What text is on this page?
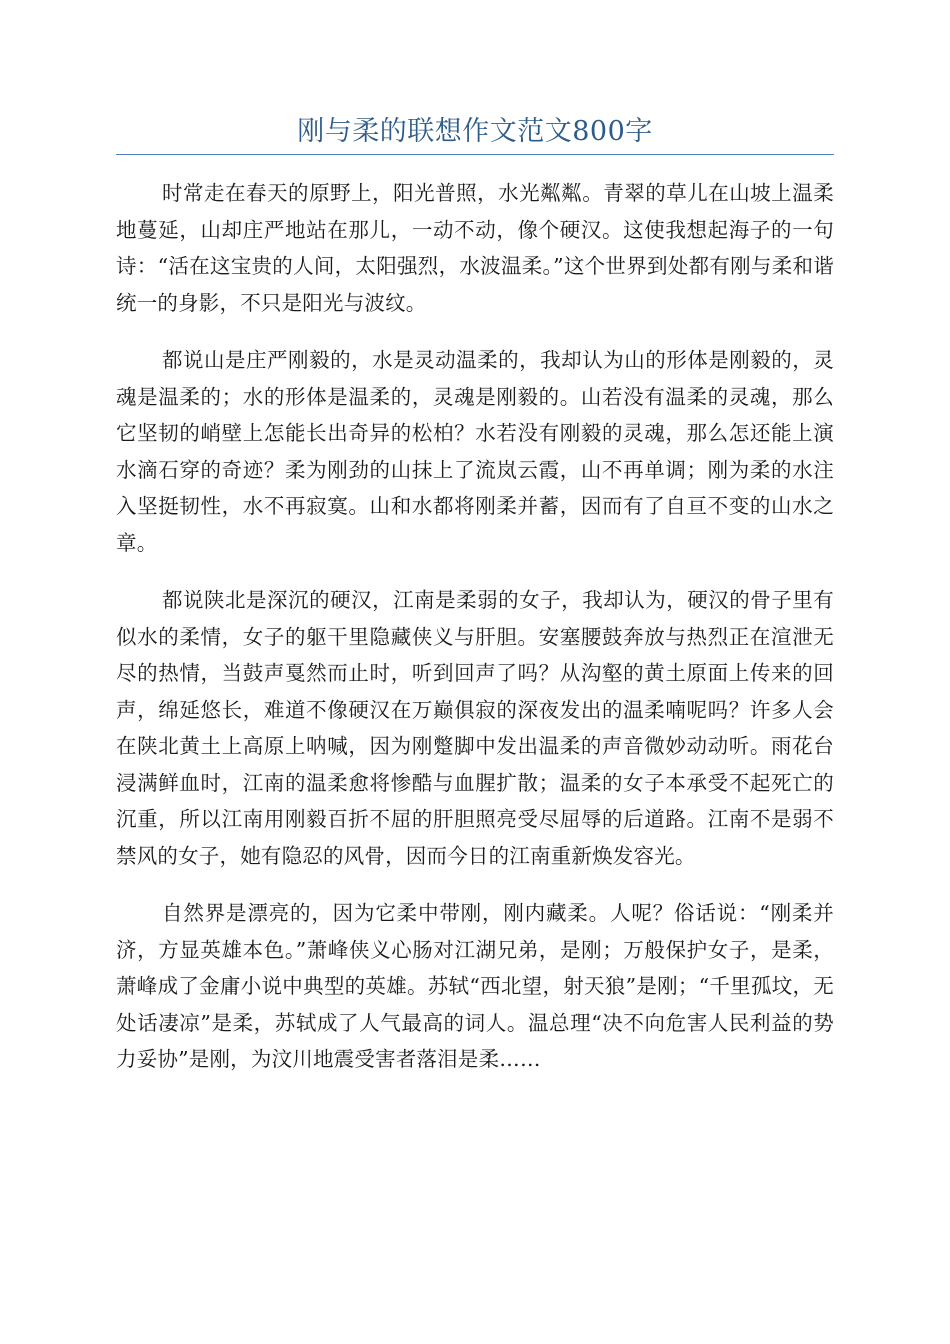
刚与柔的联想作文范文800字

时常走在春天的原野上，阳光普照，水光粼粼。青翠的草儿在山坡上温柔地蔓延，山却庄严地站在那儿，一动不动，像个硬汉。这使我想起海子的一句诗：“活在这宝贵的人间，太阳强烈，水波温柔。”这个世界到处都有刚与柔和谐统一的身影，不只是阳光与波纹。

都说山是庄严刚毅的，水是灵动温柔的，我却认为山的形体是刚毅的，灵魂是温柔的；水的形体是温柔的，灵魂是刚毅的。山若没有温柔的灵魂，那么它坚韧的峭壁上怎能长出奇异的松柏？水若没有刚毅的灵魂，那么怎还能上演水滴石穿的奇迹？柔为刚劲的山抹上了流岚云霞，山不再单调；刚为柔的水注入坚挺韧性，水不再寂寞。山和水都将刚柔并蓄，因而有了自亘不变的山水之章。

都说陕北是深沉的硬汉，江南是柔弱的女子，我却认为，硬汉的骨子里有似水的柔情，女子的躯干里隐藏侠义与肝胆。安塞腰鼓奔放与热烈正在渲泄无尽的热情，当鼓声戛然而止时，听到回声了吗？从沟壑的黄土原面上传来的回声，绵延悠长，难道不像硬汉在万巅俱寂的深夜发出的温柔喃呢吗？许多人会在陕北黄土上高原上呐喊，因为刚蹩脚中发出温柔的声音微妙动动听。雨花台浸满鲜血时，江南的温柔愈将惨酷与血腥扩散；温柔的女子本承受不起死亡的沉重，所以江南用刚毅百折不屈的肝胆照亮受尽屈辱的后道路。江南不是弱不禁风的女子，她有隐忍的风骨，因而今日的江南重新焕发容光。

自然界是漂亮的，因为它柔中带刚，刚内藏柔。人呢？俗话说：“刚柔并济，方显英雄本色。”萧峰侠义心肠对江湖兄弟，是刚；万般保护女子，是柔，萧峰成了金庸小说中典型的英雄。苏轼“西北望，射天狼”是刚；“千里孤坟，无处话凄凉”是柔，苏轼成了人气最高的词人。温总理“决不向危害人民利益的势力妥协”是刚，为汶川地震受害者落泪是柔……
